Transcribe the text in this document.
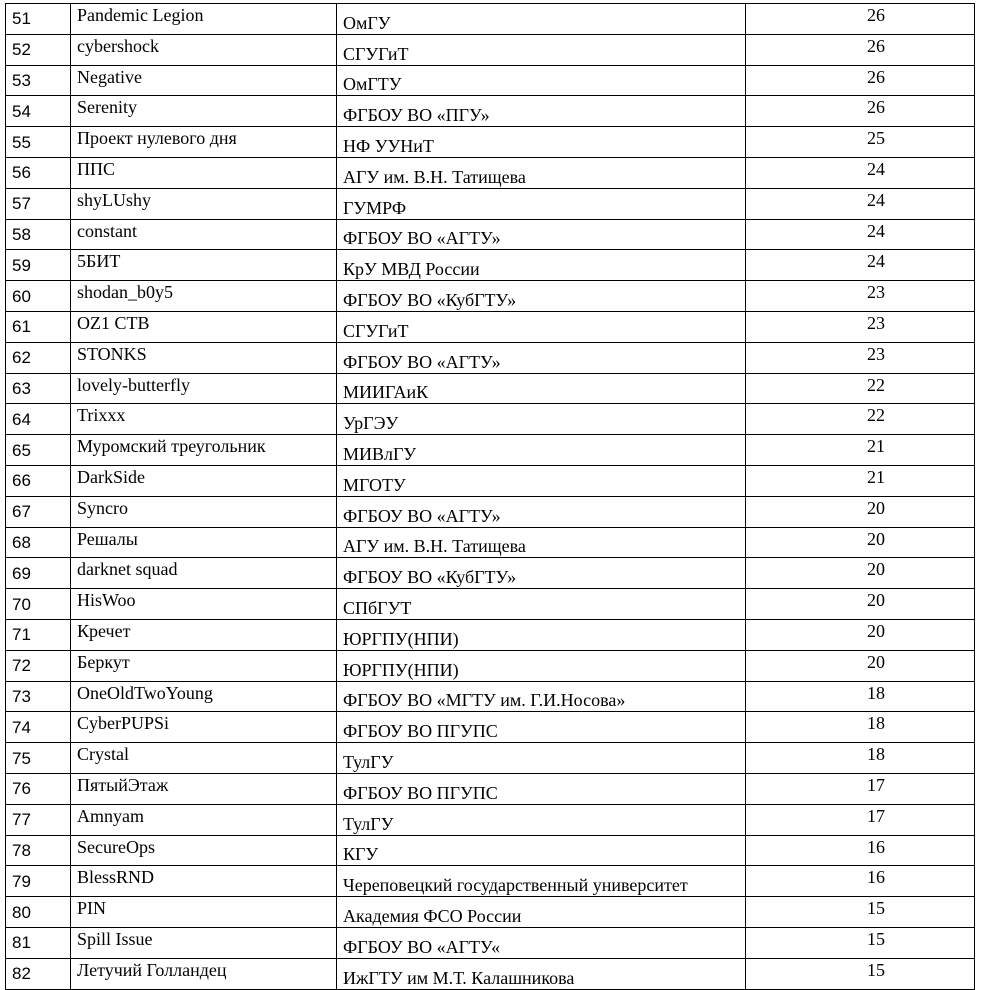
51	Pandemic Legion	ОмГУ	26
52	cybershock	СГУГиТ	26
53	Negative	ОмГТУ	26
54	Serenity	ФГБОУ ВО «ПГУ»	26
55	Проект нулевого дня	НФ УУНиТ	25
56	ППС	АГУ им. В.Н. Татищева	24
57	shyLUshy	ГУМРФ	24
58	constant	ФГБОУ ВО «АГТУ»	24
59	5БИТ	КрУ МВД России	24
60	shodan_b0y5	ФГБОУ ВО «КубГТУ»	23
61	OZ1 CTB	СГУГиТ	23
62	STONKS	ФГБОУ ВО «АГТУ»	23
63	lovely-butterfly	МИИГАиК	22
64	Trixxx	УрГЭУ	22
65	Муромский треугольник	МИВлГУ	21
66	DarkSide	МГОТУ	21
67	Syncro	ФГБОУ ВО «АГТУ»	20
68	Решалы	АГУ им. В.Н. Татищева	20
69	darknet squad	ФГБОУ ВО «КубГТУ»	20
70	HisWoo	СПбГУТ	20
71	Кречет	ЮРГПУ(НПИ)	20
72	Беркут	ЮРГПУ(НПИ)	20
73	OneOldTwoYoung	ФГБОУ ВО «МГТУ им. Г.И.Носова»	18
74	CyberPUPSi	ФГБОУ ВО ПГУПС	18
75	Crystal	ТулГУ	18
76	ПятыйЭтаж	ФГБОУ ВО ПГУПС	17
77	Amnyam	ТулГУ	17
78	SecureOps	КГУ	16
79	BlessRND	Череповецкий государственный университет	16
80	PIN	Академия ФСО России	15
81	Spill Issue	ФГБОУ ВО «АГТУ«	15
82	Летучий Голландец	ИжГТУ им М.Т. Калашникова	15
